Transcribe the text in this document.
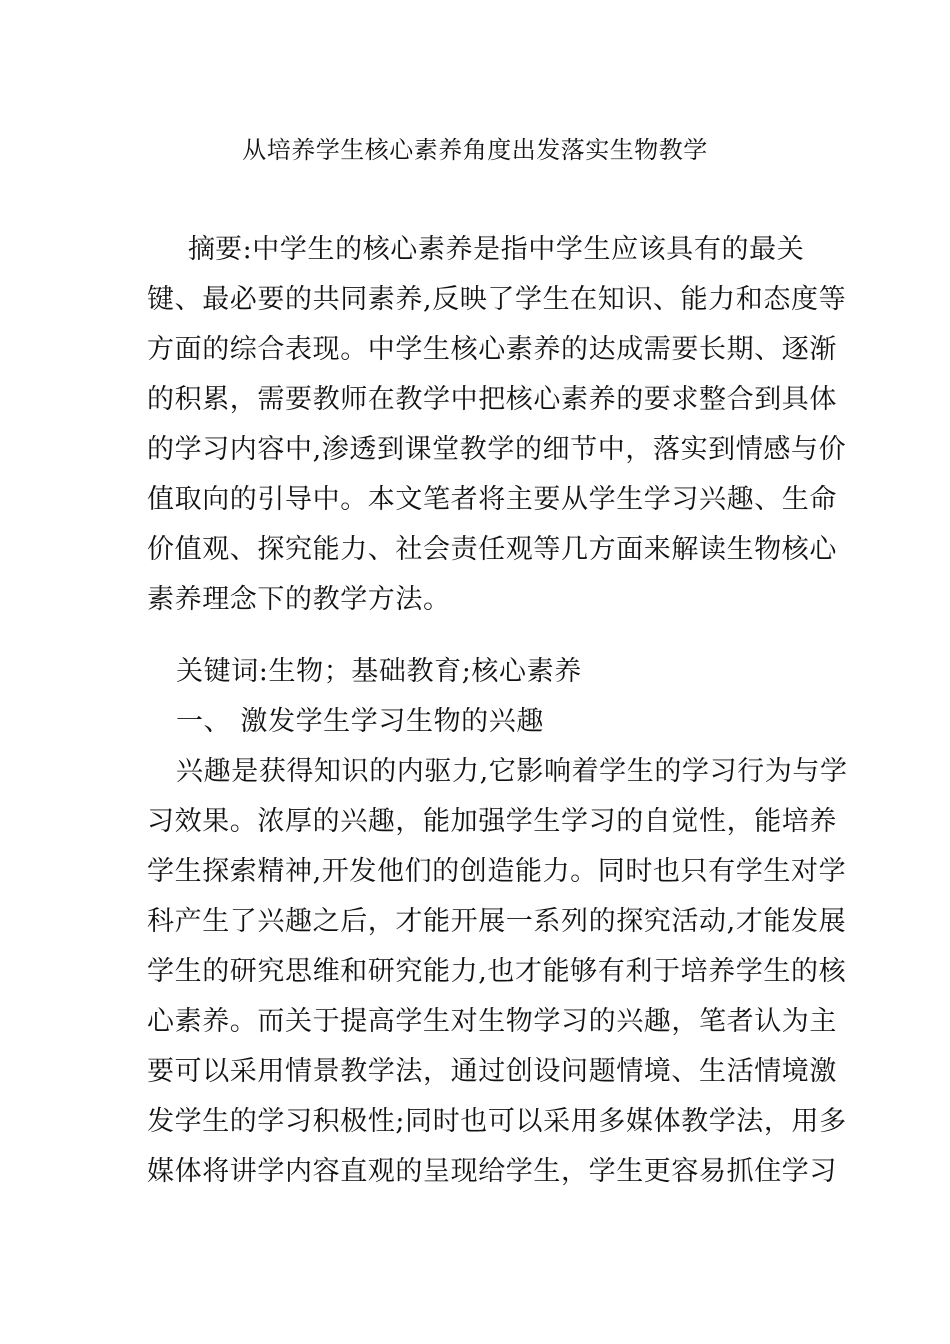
从培养学生核心素养角度出发落实生物教学
摘要:中学生的核心素养是指中学生应该具有的最关
键、最必要的共同素养,反映了学生在知识、能力和态度等
方面的综合表现。中学生核心素养的达成需要长期、逐渐
的积累，需要教师在教学中把核心素养的要求整合到具体
的学习内容中,渗透到课堂教学的细节中，落实到情感与价
值取向的引导中。本文笔者将主要从学生学习兴趣、生命
价值观、探究能力、社会责任观等几方面来解读生物核心
素养理念下的教学方法。
关键词:生物；基础教育;核心素养
一、 激发学生学习生物的兴趣
兴趣是获得知识的内驱力,它影响着学生的学习行为与学
习效果。浓厚的兴趣，能加强学生学习的自觉性，能培养
学生探索精神,开发他们的创造能力。同时也只有学生对学
科产生了兴趣之后，才能开展一系列的探究活动,才能发展
学生的研究思维和研究能力,也才能够有利于培养学生的核
心素养。而关于提高学生对生物学习的兴趣，笔者认为主
要可以采用情景教学法，通过创设问题情境、生活情境激
发学生的学习积极性;同时也可以采用多媒体教学法，用多
媒体将讲学内容直观的呈现给学生，学生更容易抓住学习
